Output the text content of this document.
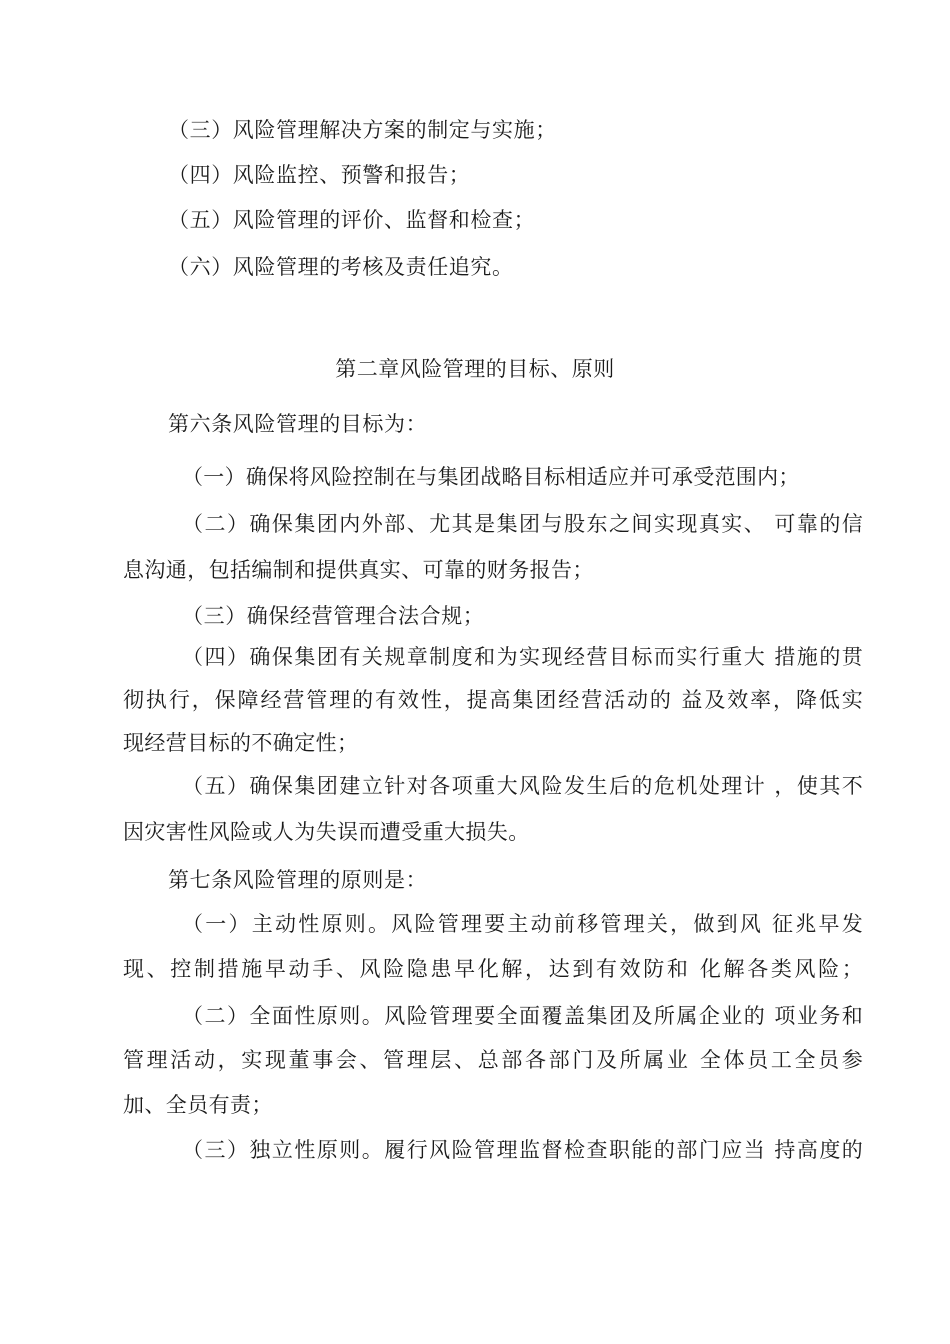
（三）风险管理解决方案的制定与实施；
（四）风险监控、预警和报告；
（五）风险管理的评价、监督和检查；
（六）风险管理的考核及责任追究。
第二章风险管理的目标、原则
第六条风险管理的目标为：
（一）确保将风险控制在与集团战略目标相适应并可承受范围内；
（二）确保集团内外部、尤其是集团与股东之间实现真实、 可靠的信
息沟通，包括编制和提供真实、可靠的财务报告；
（三）确保经营管理合法合规；
（四）确保集团有关规章制度和为实现经营目标而实行重大 措施的贯
彻执行，保障经营管理的有效性，提高集团经营活动的 益及效率，降低实
现经营目标的不确定性；
（五）确保集团建立针对各项重大风险发生后的危机处理计 ，使其不
因灾害性风险或人为失误而遭受重大损失。
第七条风险管理的原则是：
（一）主动性原则。风险管理要主动前移管理关，做到风 征兆早发
现、控制措施早动手、风险隐患早化解，达到有效防和 化解各类风险；
（二）全面性原则。风险管理要全面覆盖集团及所属企业的 项业务和
管理活动，实现董事会、管理层、总部各部门及所属业 全体员工全员参
加、全员有责；
（三）独立性原则。履行风险管理监督检查职能的部门应当 持高度的
